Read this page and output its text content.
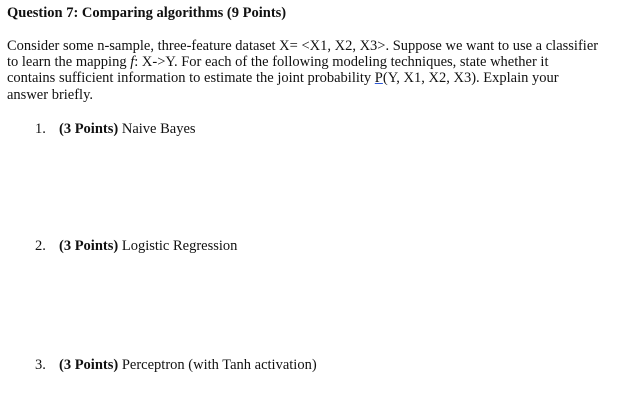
Question 7: Comparing algorithms (9 Points)

Consider some n-sample, three-feature dataset X= <X1, X2, X3>. Suppose we want to use a classifier
to learn the mapping f: X->Y. For each of the following modeling techniques, state whether it
contains sufficient information to estimate the joint probability P(Y, X1, X2, X3). Explain your
answer briefly.

1. (3 Points) Naive Bayes
2. (3 Points) Logistic Regression
3. (3 Points) Perceptron (with Tanh activation)
